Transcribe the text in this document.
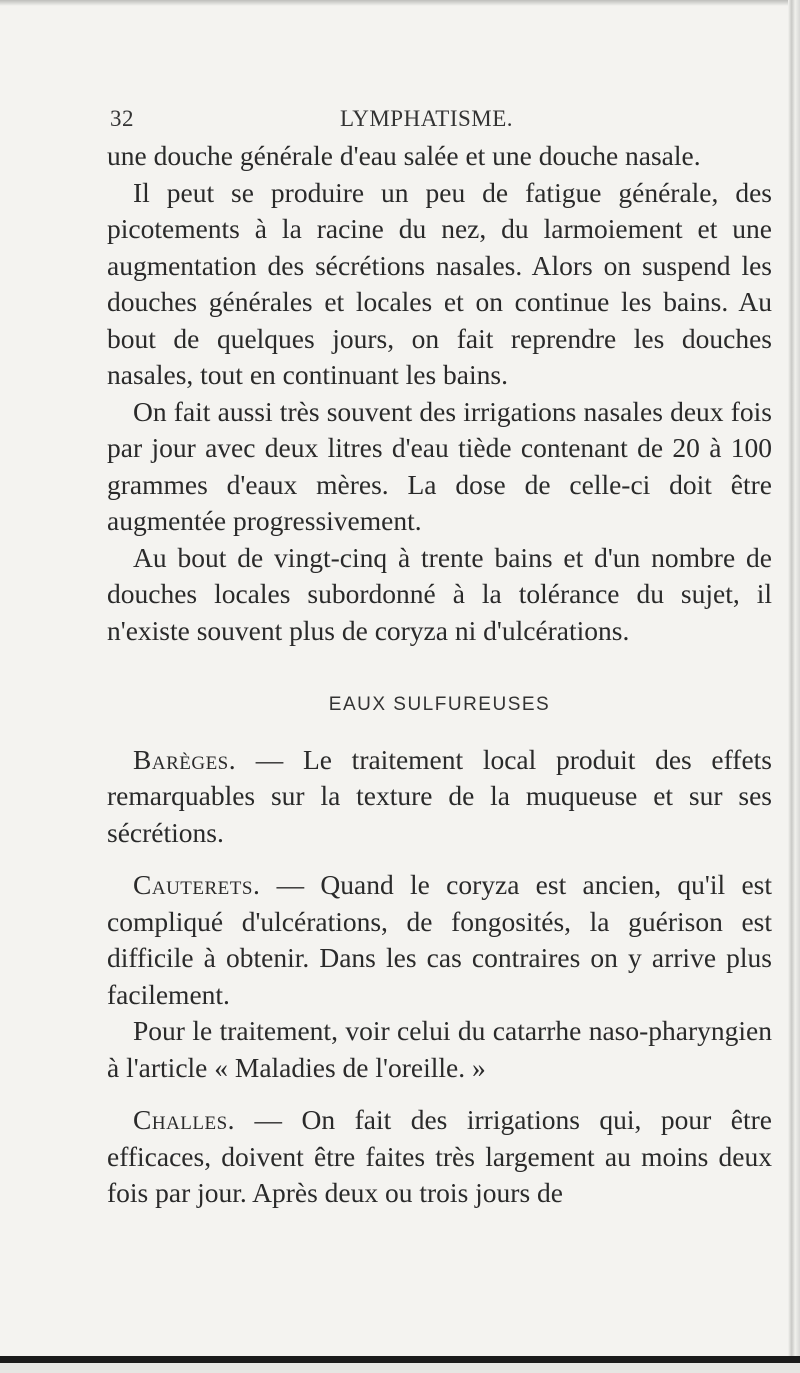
32	LYMPHATISME.

une douche générale d'eau salée et une douche nasale.

Il peut se produire un peu de fatigue générale, des picotements à la racine du nez, du larmoiement et une augmentation des sécrétions nasales. Alors on suspend les douches générales et locales et on continue les bains. Au bout de quelques jours, on fait reprendre les douches nasales, tout en continuant les bains.

On fait aussi très souvent des irrigations nasales deux fois par jour avec deux litres d'eau tiède contenant de 20 à 100 grammes d'eaux mères. La dose de celle-ci doit être augmentée progressivement.

Au bout de vingt-cinq à trente bains et d'un nombre de douches locales subordonné à la tolérance du sujet, il n'existe souvent plus de coryza ni d'ulcérations.

EAUX SULFUREUSES

Barèges. — Le traitement local produit des effets remarquables sur la texture de la muqueuse et sur ses sécrétions.

Cauterets. — Quand le coryza est ancien, qu'il est compliqué d'ulcérations, de fongosités, la guérison est difficile à obtenir. Dans les cas contraires on y arrive plus facilement.

Pour le traitement, voir celui du catarrhe naso-pharyngien à l'article « Maladies de l'oreille. »

Challes. — On fait des irrigations qui, pour être efficaces, doivent être faites très largement au moins deux fois par jour. Après deux ou trois jours de
